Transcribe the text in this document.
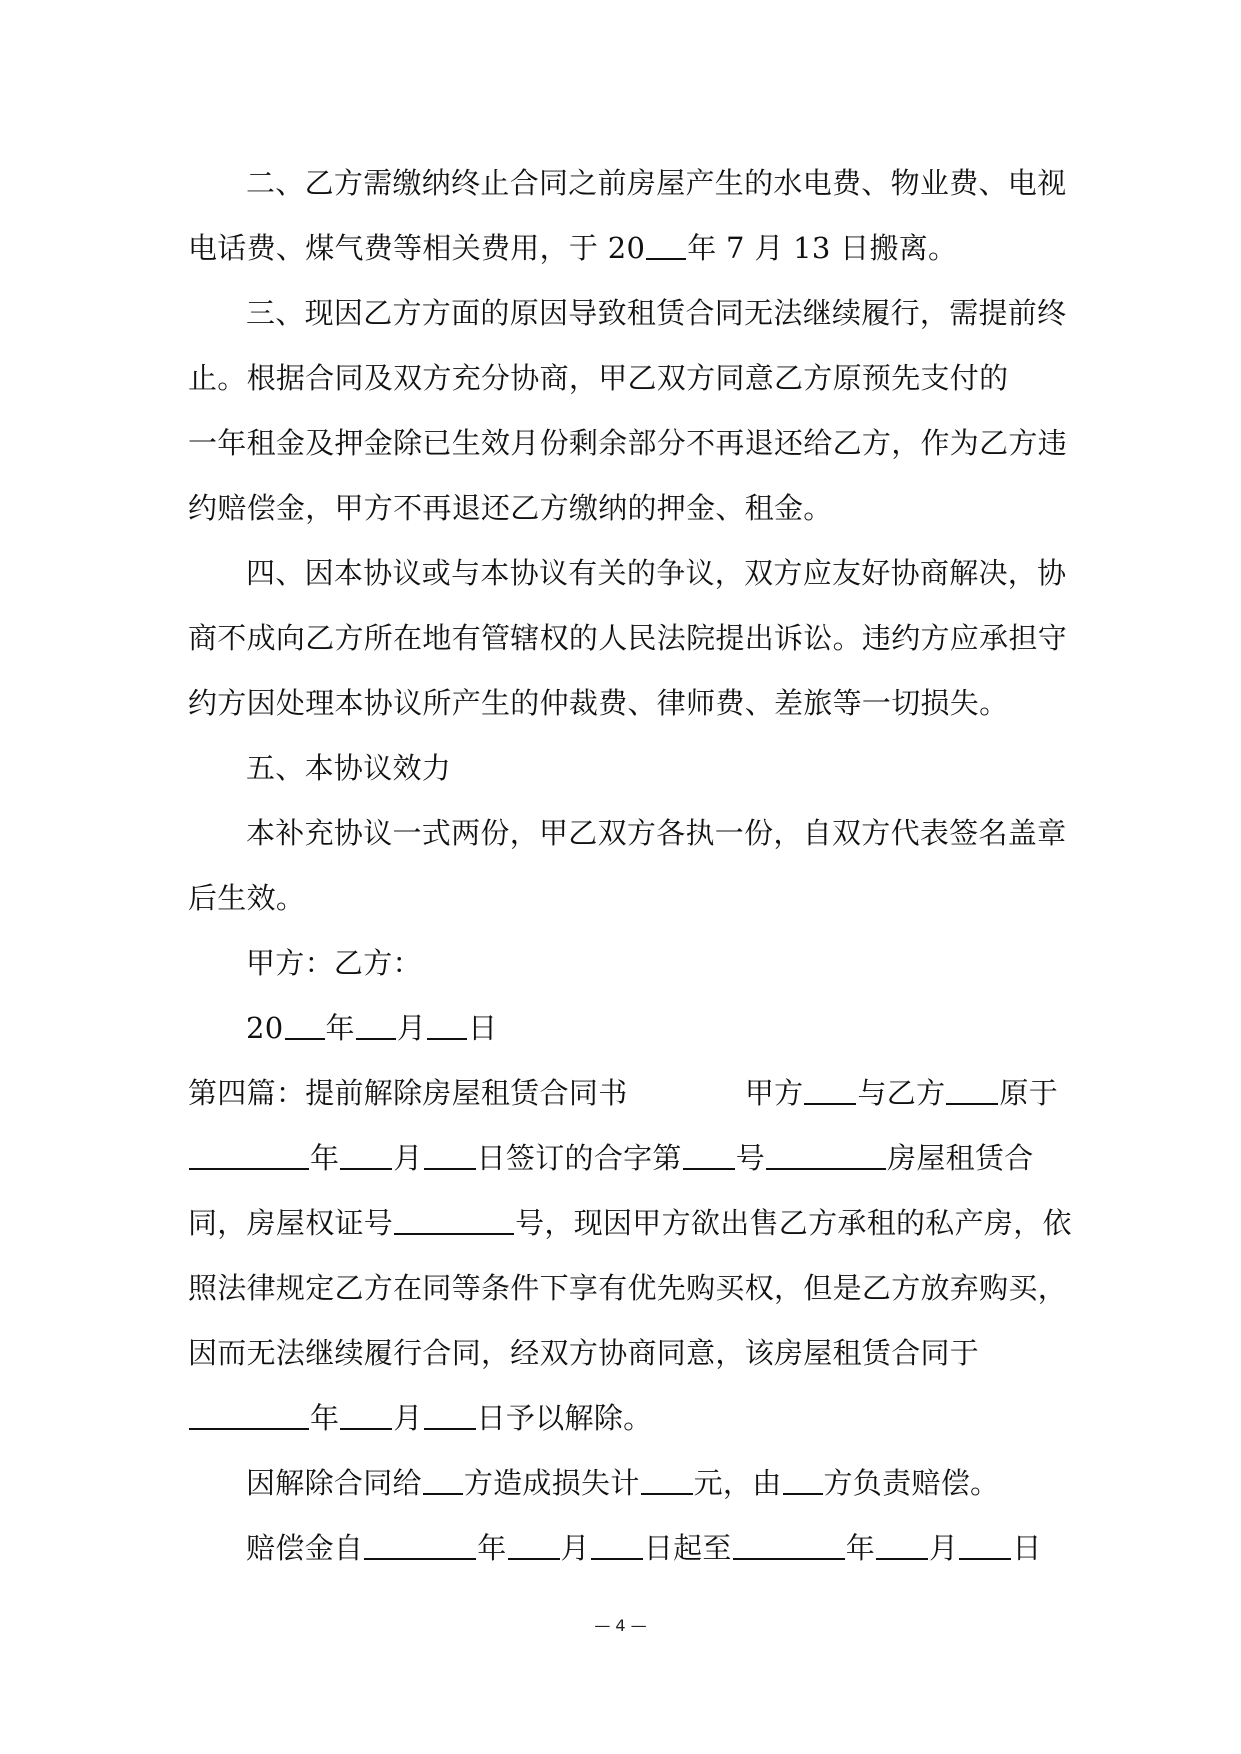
二、乙方需缴纳终止合同之前房屋产生的水电费、物业费、电视
电话费、煤气费等相关费用，于 20 年 7 月 13 日搬离。
三、现因乙方方面的原因导致租赁合同无法继续履行，需提前终
止。根据合同及双方充分协商，甲乙双方同意乙方原预先支付的
一年租金及押金除已生效月份剩余部分不再退还给乙方，作为乙方违
约赔偿金，甲方不再退还乙方缴纳的押金、租金。
四、因本协议或与本协议有关的争议，双方应友好协商解决，协
商不成向乙方所在地有管辖权的人民法院提出诉讼。违约方应承担守
约方因处理本协议所产生的仲裁费、律师费、差旅等一切损失。
五、本协议效力
本补充协议一式两份，甲乙双方各执一份，自双方代表签名盖章
后生效。
甲方：乙方：
20 年 月 日
第四篇：提前解除房屋租赁合同书	甲方 与乙方 原于
年 月 日签订的合字第 号	房屋租赁合
同，房屋权证号	号，现因甲方欲出售乙方承租的私产房，依
照法律规定乙方在同等条件下享有优先购买权，但是乙方放弃购买，
因而无法继续履行合同，经双方协商同意，该房屋租赁合同于
年 月 日予以解除。
因解除合同给 方造成损失计 元，由 方负责赔偿。
赔偿金自	年 月 日起至	年 月 日
— 4 —
